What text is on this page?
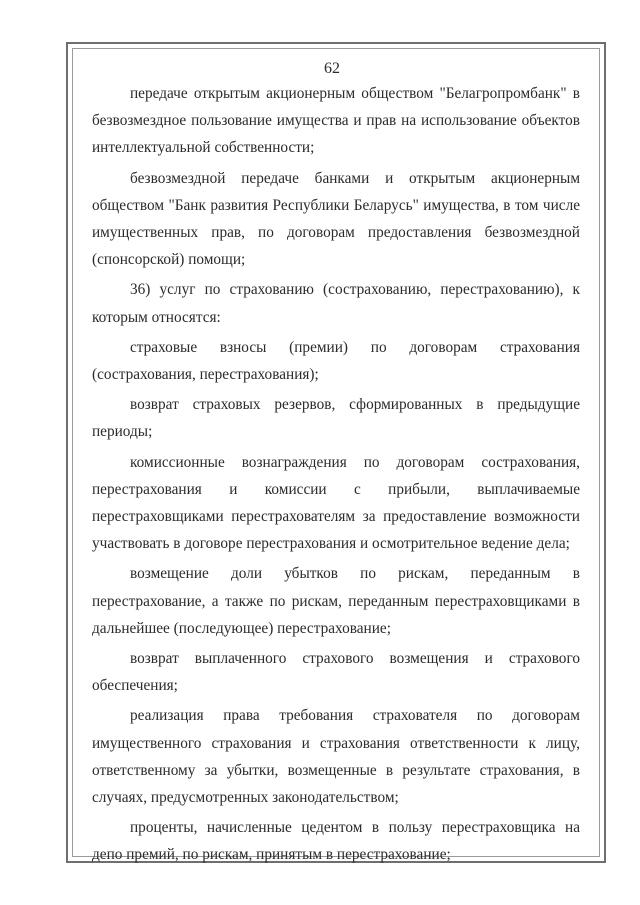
62

передаче открытым акционерным обществом "Белагропромбанк" в безвозмездное пользование имущества и прав на использование объектов интеллектуальной собственности;

безвозмездной передаче банками и открытым акционерным обществом "Банк развития Республики Беларусь" имущества, в том числе имущественных прав, по договорам предоставления безвозмездной (спонсорской) помощи;

36) услуг по страхованию (сострахованию, перестрахованию), к которым относятся:

страховые взносы (премии) по договорам страхования (сострахования, перестрахования);

возврат страховых резервов, сформированных в предыдущие периоды;

комиссионные вознаграждения по договорам сострахования, перестрахования и комиссии с прибыли, выплачиваемые перестраховщиками перестрахователям за предоставление возможности участвовать в договоре перестрахования и осмотрительное ведение дела;

возмещение доли убытков по рискам, переданным в перестрахование, а также по рискам, переданным перестраховщиками в дальнейшее (последующее) перестрахование;

возврат выплаченного страхового возмещения и страхового обеспечения;

реализация права требования страхователя по договорам имущественного страхования и страхования ответственности к лицу, ответственному за убытки, возмещенные в результате страхования, в случаях, предусмотренных законодательством;

проценты, начисленные цедентом в пользу перестраховщика на депо премий, по рискам, принятым в перестрахование;
